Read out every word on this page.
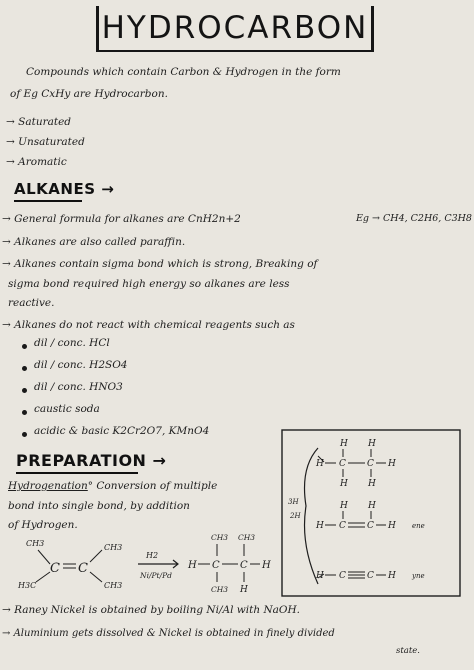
HYDROCARBON
Compounds which contain Carbon & Hydrogen in the form
of Eg CxHy are Hydrocarbon.
→ Saturated
→ Unsaturated
→ Aromatic
ALKANES →
→ General formula for alkanes are CnH2n+2	Eg → CH4, C2H6, C3H8
→ Alkanes are also called paraffin.
→ Alkanes contain sigma bond which is strong, Breaking of
sigma bond required high energy so alkanes are less
reactive.
→ Alkanes do not react with chemical reagents such as
dil / conc. HCl
dil / conc. H2SO4
dil / conc. HNO3
caustic soda
acidic & basic K2Cr2O7, KMnO4
PREPARATION →
Hydrogenation° Conversion of multiple
bond into single bond, by addition
of Hydrogen.
CH3
H3C
C C
CH3
CH3
H2
Ni/Pt/Pd
CH3 CH3
H C C H
CH3 H
3H
2H
H H
H C C H
H H
H H
H C C H ene
H C C H yne
→ Raney Nickel is obtained by boiling Ni/Al with NaOH.
→ Aluminium gets dissolved & Nickel is obtained in finely divided
state.
